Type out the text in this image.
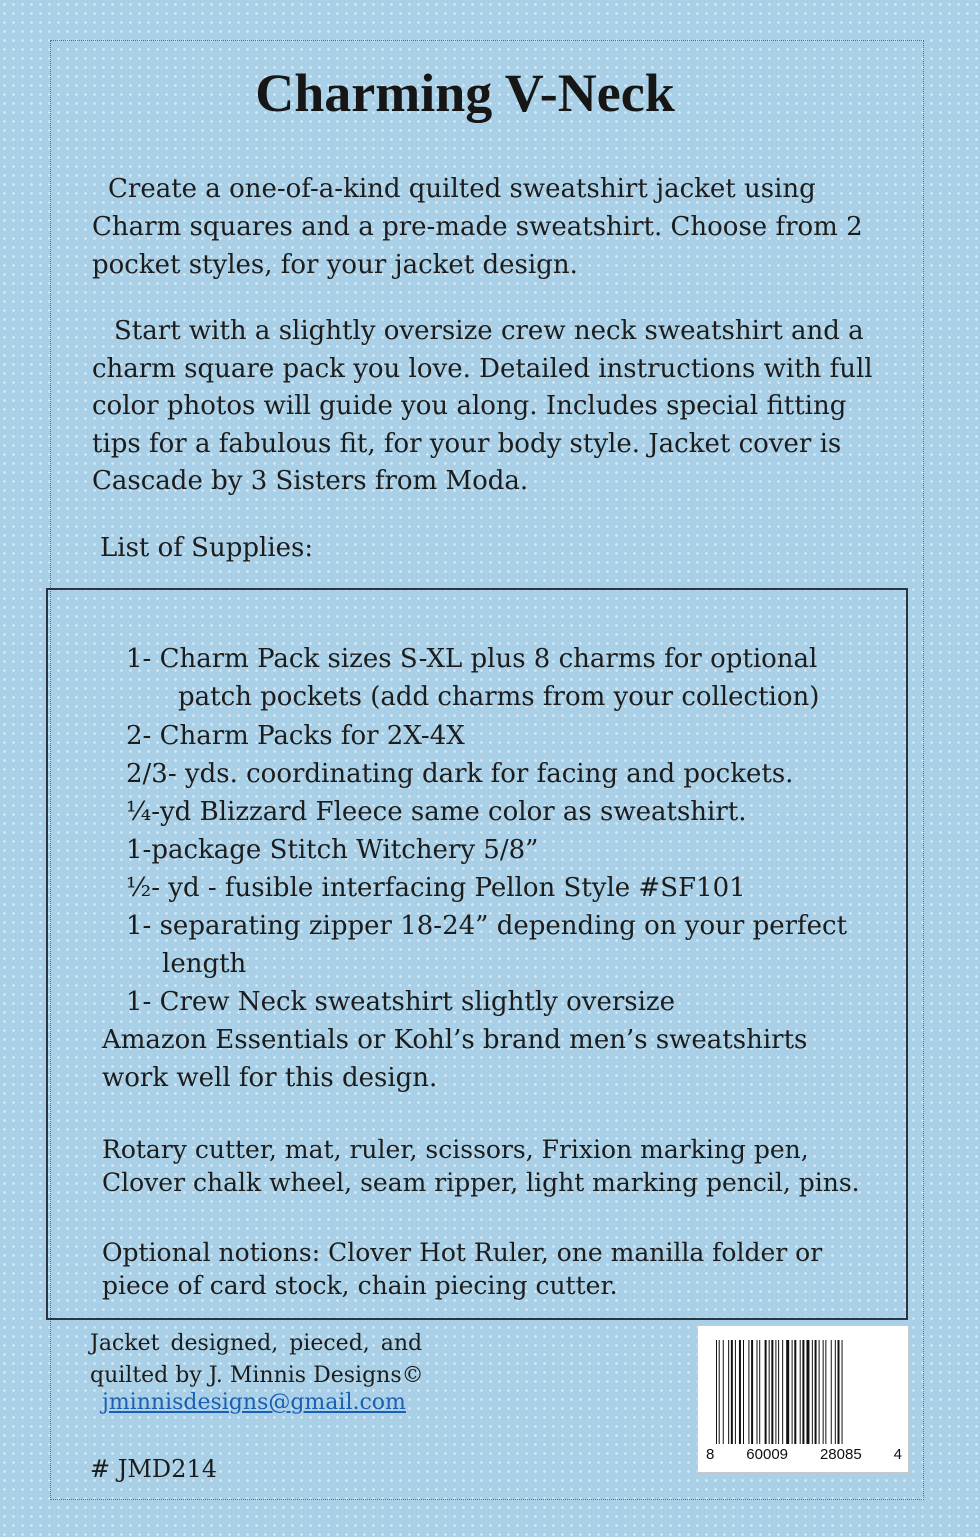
Charming V-Neck

Create a one-of-a-kind quilted sweatshirt jacket using Charm squares and a pre-made sweatshirt. Choose from 2 pocket styles, for your jacket design.

Start with a slightly oversize crew neck sweatshirt and a charm square pack you love. Detailed instructions with full color photos will guide you along. Includes special fitting tips for a fabulous fit, for your body style. Jacket cover is Cascade by 3 Sisters from Moda.

List of Supplies:
1- Charm Pack sizes S-XL plus 8 charms for optional
patch pockets (add charms from your collection)
2- Charm Packs for 2X-4X
2/3- yds. coordinating dark for facing and pockets.
¼-yd Blizzard Fleece same color as sweatshirt.
1-package Stitch Witchery 5/8”
½- yd - fusible interfacing Pellon Style #SF101
1- separating zipper 18-24” depending on your perfect
length
1- Crew Neck sweatshirt slightly oversize
Amazon Essentials or Kohl’s brand men’s sweatshirts
work well for this design.
Rotary cutter, mat, ruler, scissors, Frixion marking pen,
Clover chalk wheel, seam ripper, light marking pencil, pins.
Optional notions: Clover Hot Ruler, one manilla folder or
piece of card stock, chain piecing cutter.
Jacket designed, pieced, and
quilted by J. Minnis Designs©
jminnisdesigns@gmail.com
# JMD214
8 60009 28085 4
